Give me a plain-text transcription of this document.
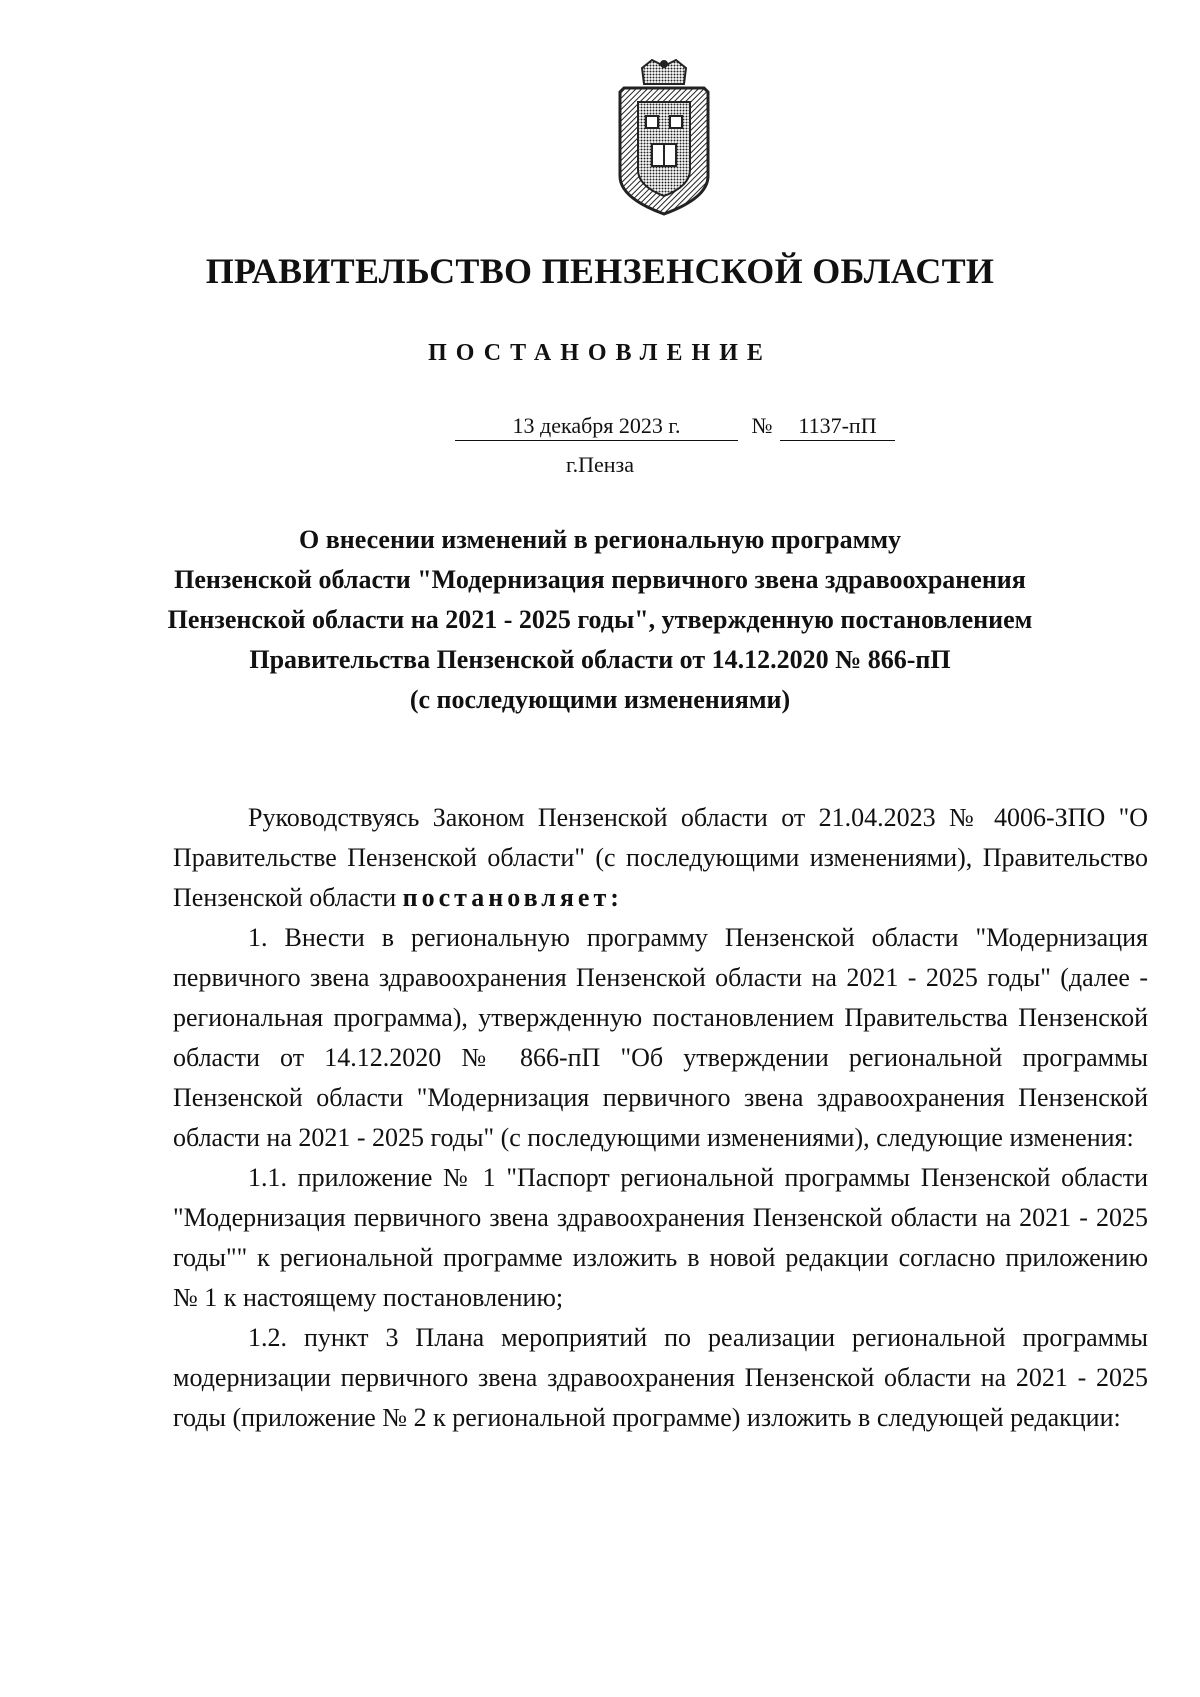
ПРАВИТЕЛЬСТВО ПЕНЗЕНСКОЙ ОБЛАСТИ
ПОСТАНОВЛЕНИЕ
13 декабря 2023 г.	№	1137-пП

г.Пенза

О внесении изменений в региональную программу
Пензенской области "Модернизация первичного звена здравоохранения
Пензенской области на 2021 - 2025 годы", утвержденную постановлением
Правительства Пензенской области от 14.12.2020 № 866-пП
(с последующими изменениями)

Руководствуясь Законом Пензенской области от 21.04.2023 № 4006-ЗПО "О Правительстве Пензенской области" (с последующими изменениями), Правительство Пензенской области постановляет:

1. Внести в региональную программу Пензенской области "Модернизация первичного звена здравоохранения Пензенской области на 2021 - 2025 годы" (далее - региональная программа), утвержденную постановлением Правительства Пензенской области от 14.12.2020 № 866-пП "Об утверждении региональной программы Пензенской области "Модернизация первичного звена здравоохранения Пензенской области на 2021 - 2025 годы" (с последующими изменениями), следующие изменения:

1.1. приложение № 1 "Паспорт региональной программы Пензенской области "Модернизация первичного звена здравоохранения Пензенской области на 2021 - 2025 годы"" к региональной программе изложить в новой редакции согласно приложению № 1 к настоящему постановлению;

1.2. пункт 3 Плана мероприятий по реализации региональной программы модернизации первичного звена здравоохранения Пензенской области на 2021 - 2025 годы (приложение № 2 к региональной программе) изложить в следующей редакции:
